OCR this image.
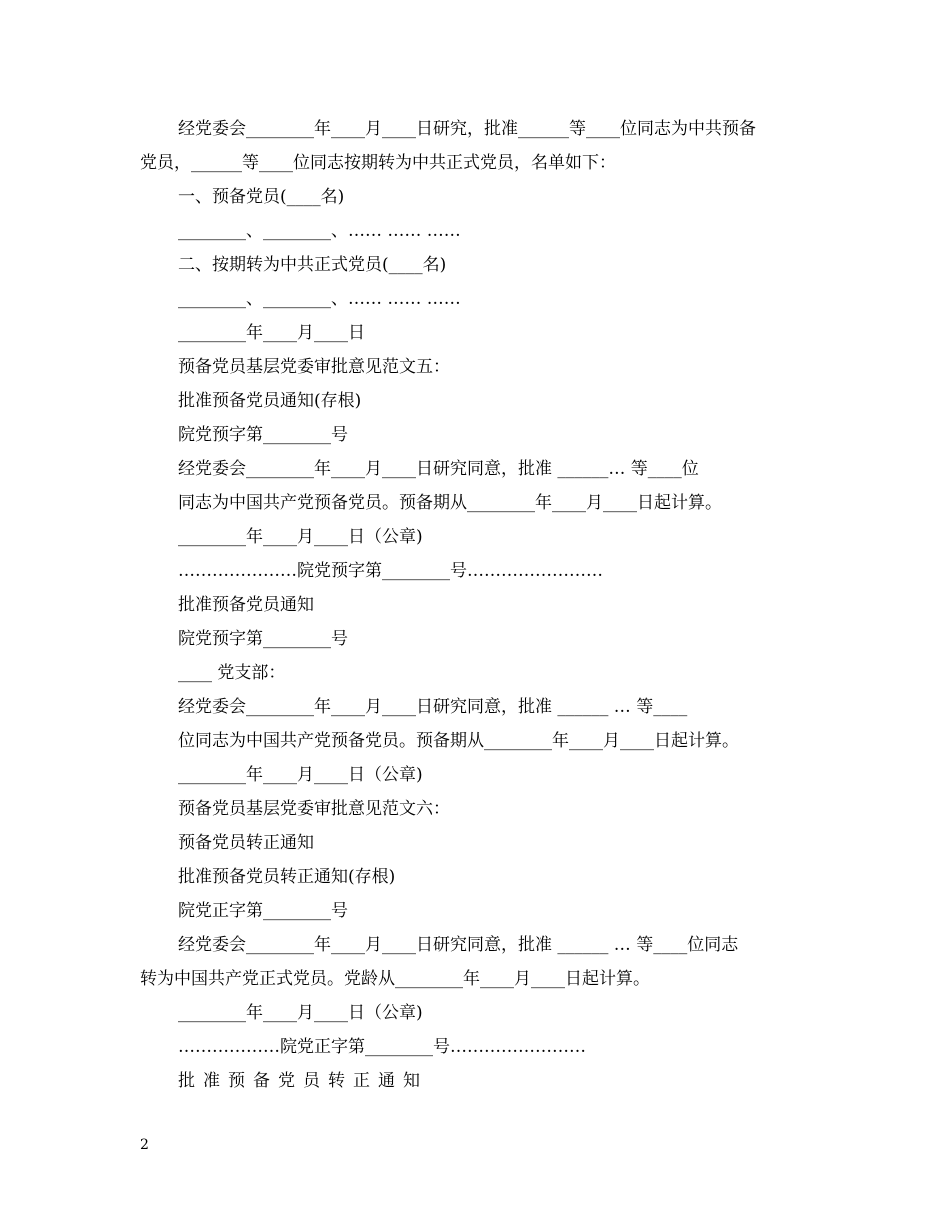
经党委会________年____月____日研究，批准______等____位同志为中共预备
党员，______等____位同志按期转为中共正式党员，名单如下：
一、预备党员(____名)
________、________、…… …… ……
二、按期转为中共正式党员(____名)
________、________、…… …… ……
________年____月____日
预备党员基层党委审批意见范文五：
批准预备党员通知(存根)
院党预字第________号
经党委会________年____月____日研究同意，批准 ______… 等____位
同志为中国共产党预备党员。预备期从________年____月____日起计算。
________年____月____日（公章)
…………………院党预字第________号……………………
批准预备党员通知
院党预字第________号
____ 党支部：
经党委会________年____月____日研究同意，批准 ______ … 等____
位同志为中国共产党预备党员。预备期从________年____月____日起计算。
________年____月____日（公章)
预备党员基层党委审批意见范文六：
预备党员转正通知
批准预备党员转正通知(存根)
院党正字第________号
经党委会________年____月____日研究同意，批准 ______ … 等____位同志
转为中国共产党正式党员。党龄从________年____月____日起计算。
________年____月____日（公章)
………………院党正字第________号……………………
批准预备党员转正通知
2
